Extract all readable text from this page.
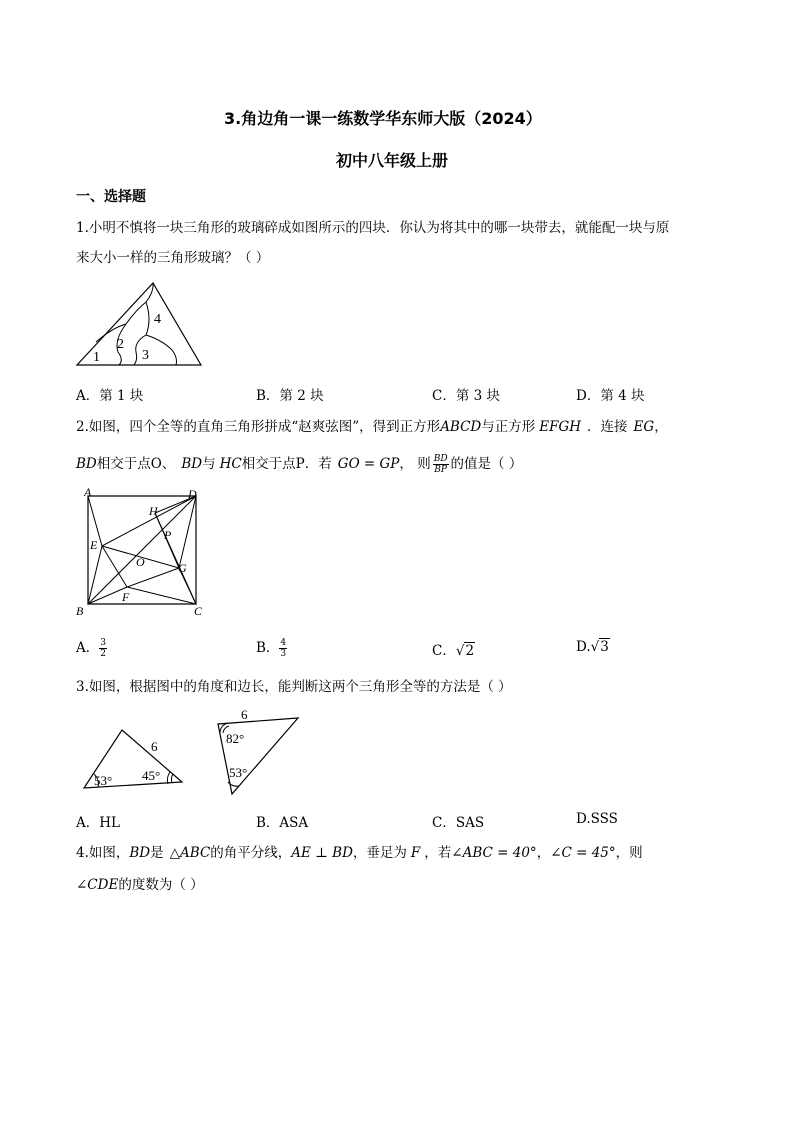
3.角边角一课一练数学华东师大版（2024）
初中八年级上册
一、选择题
1.小明不慎将一块三角形的玻璃碎成如图所示的四块．你认为将其中的哪一块带去，就能配一块与原
来大小一样的三角形玻璃？（ ）
1
2
3
4
A．第 1 块	B．第 2 块	C．第 3 块	D．第 4 块
2.如图，四个全等的直角三角形拼成“赵爽弦图”，得到正方形ABCD与正方形 EFGH ．连接 EG，
BD相交于点O、 BD与 HC相交于点P．若 GO = GP， 则 $\frac{BD}{BP}$ 的值是（ ）
A	D
H
P
E
O	G
B
F
C
A． $\frac{3}{2}$	B． $\frac{4}{3}$	C．√2	D.√3
3.如图，根据图中的角度和边长，能判断这两个三角形全等的方法是（ ）
6
53° 45°
6
82°
53°
A．HL	B．ASA	C．SAS	D.SSS
4.如图，BD是 △ABC的角平分线，AE ⊥ BD，垂足为 F ，若∠ABC = 40°，∠C = 45°，则
∠CDE的度数为（ ）
